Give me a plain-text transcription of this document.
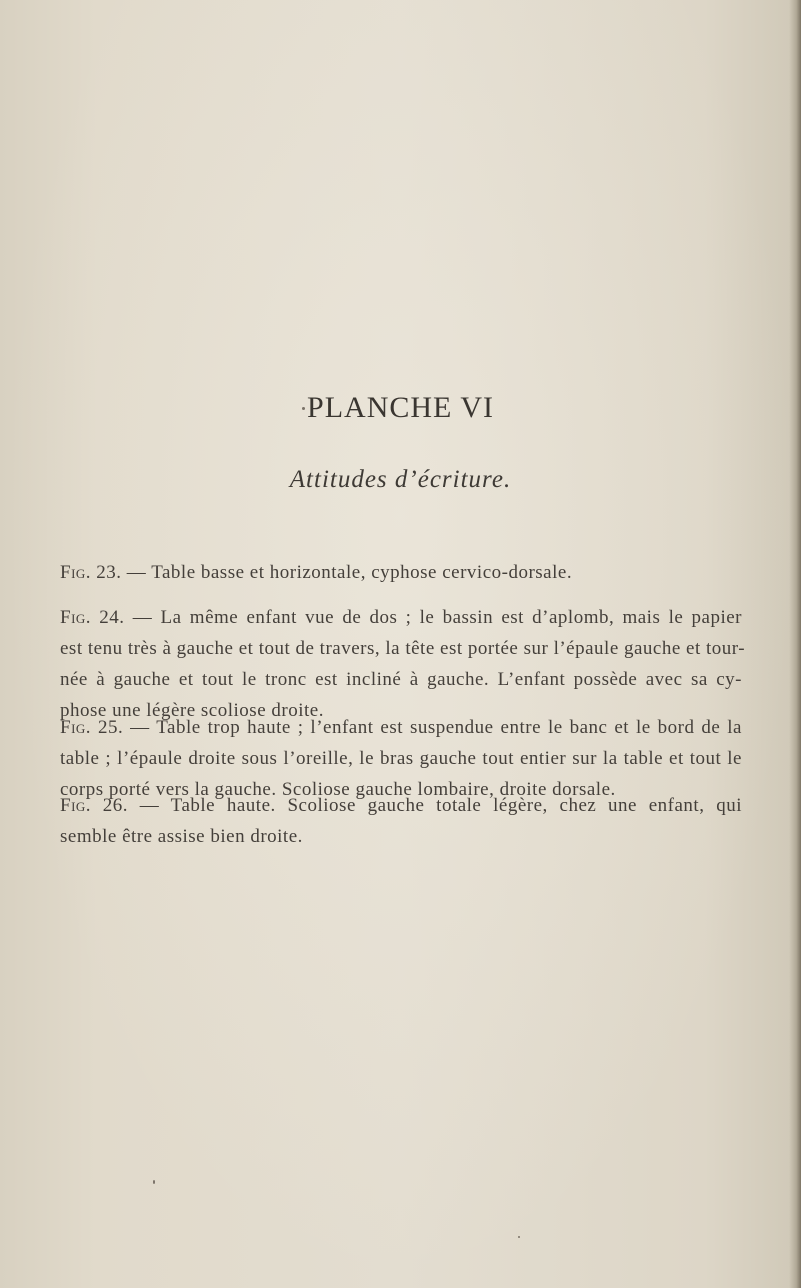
PLANCHE VI
Attitudes d’écriture.
Fig. 23. — Table basse et horizontale, cyphose cervico-dorsale.
Fig. 24. — La même enfant vue de dos ; le bassin est d’aplomb, mais le papier
est tenu très à gauche et tout de travers, la tête est portée sur l’épaule gauche et tour-
née à gauche et tout le tronc est incliné à gauche. L’enfant possède avec sa cy-
phose une légère scoliose droite.
Fig. 25. — Table trop haute ; l’enfant est suspendue entre le banc et le bord de la
table ; l’épaule droite sous l’oreille, le bras gauche tout entier sur la table et tout le
corps porté vers la gauche. Scoliose gauche lombaire, droite dorsale.
Fig. 26. — Table haute. Scoliose gauche totale légère, chez une enfant, qui
semble être assise bien droite.
